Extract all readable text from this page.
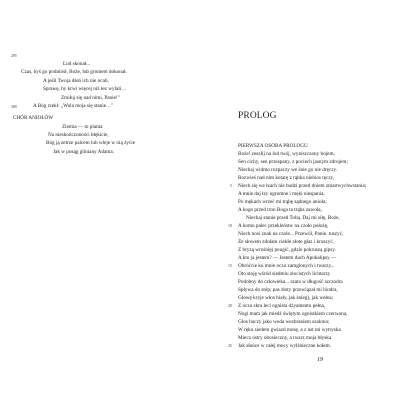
295
Lud skonał...
Czas, byś go podniósł, Boże, lub gromem dokonał.
A jeśli Twoja dłoń ich nie ocali,
Sprawę, by krwi więcej niż łez wylali…
Zmiłuj się nad nimi, Panie!"
300	A Bóg rzekł: „Wola moja się stanie…"
CHÓR ANIOŁÓW
Ziemia — to plama
Na nieskończoności błękicie,
Bóg ją zetrze palcem lub wleje w nią życie
Jak w posąg gliniany Adama.
PROLOG
PIERWSZA OSOBA PROLOGU
Boże! zeszlij na lud twój, wyniszczony bojem,
Sen cichy, sen przespany, z pociech jasnym zdrojem;
Niechaj widmo rozpaczy we śnie go nie dręczy.
Rozwieś nad nim kotarę z rąbka niebios tęczy,
5 Niech się we łzach nie budzi przed dniem zmartwychwstania;
A mnie daj łzy ogromne i męki niespania,
Po mękach wrzeć mi trąbę sądnego anioła;
A kogo przed tron Boga ta trąba zawoła,
Niechaj stanie przed Tobą. Daj mi siłę, Boże,
10 A komu palec przekleństw na czoło położę,
Niech nosi znak na czole... Przewól, Panie, tuszyć,
Że słowem zdołam ciekłe złote głaz i kruszyć,
Z bryzą wrośnięj pougić, gdzie pokruszą gipsy.
A kto ja jestem? — Jestem duch Apokalipsy —
15 Obróćcie ku mnie oczu zamglonych i twarzy...
Oto stoję wśród siedmiu złocistych lichtarzy
Podobny do człowieka... szata w długość szczodra
Spływa do stóp; pas złoty przewiązał mi biodra,
Głowę kryje włos biały, jak śnieg), jak wełna;
20 Z oczu skra leci ognista dżyamentu pełna,
Nogi mam jak miedź świętym ognistkiem czerwona,
Głos huczy jako woda wezbraniem szalona;
W ręku siedem gwiazd mosę, a z ust mi wytryska
Miecz ostry obosieczny, a twarz moja błyska
25 Jak słońce w całej mocy wylśnieczne kołem.
19
